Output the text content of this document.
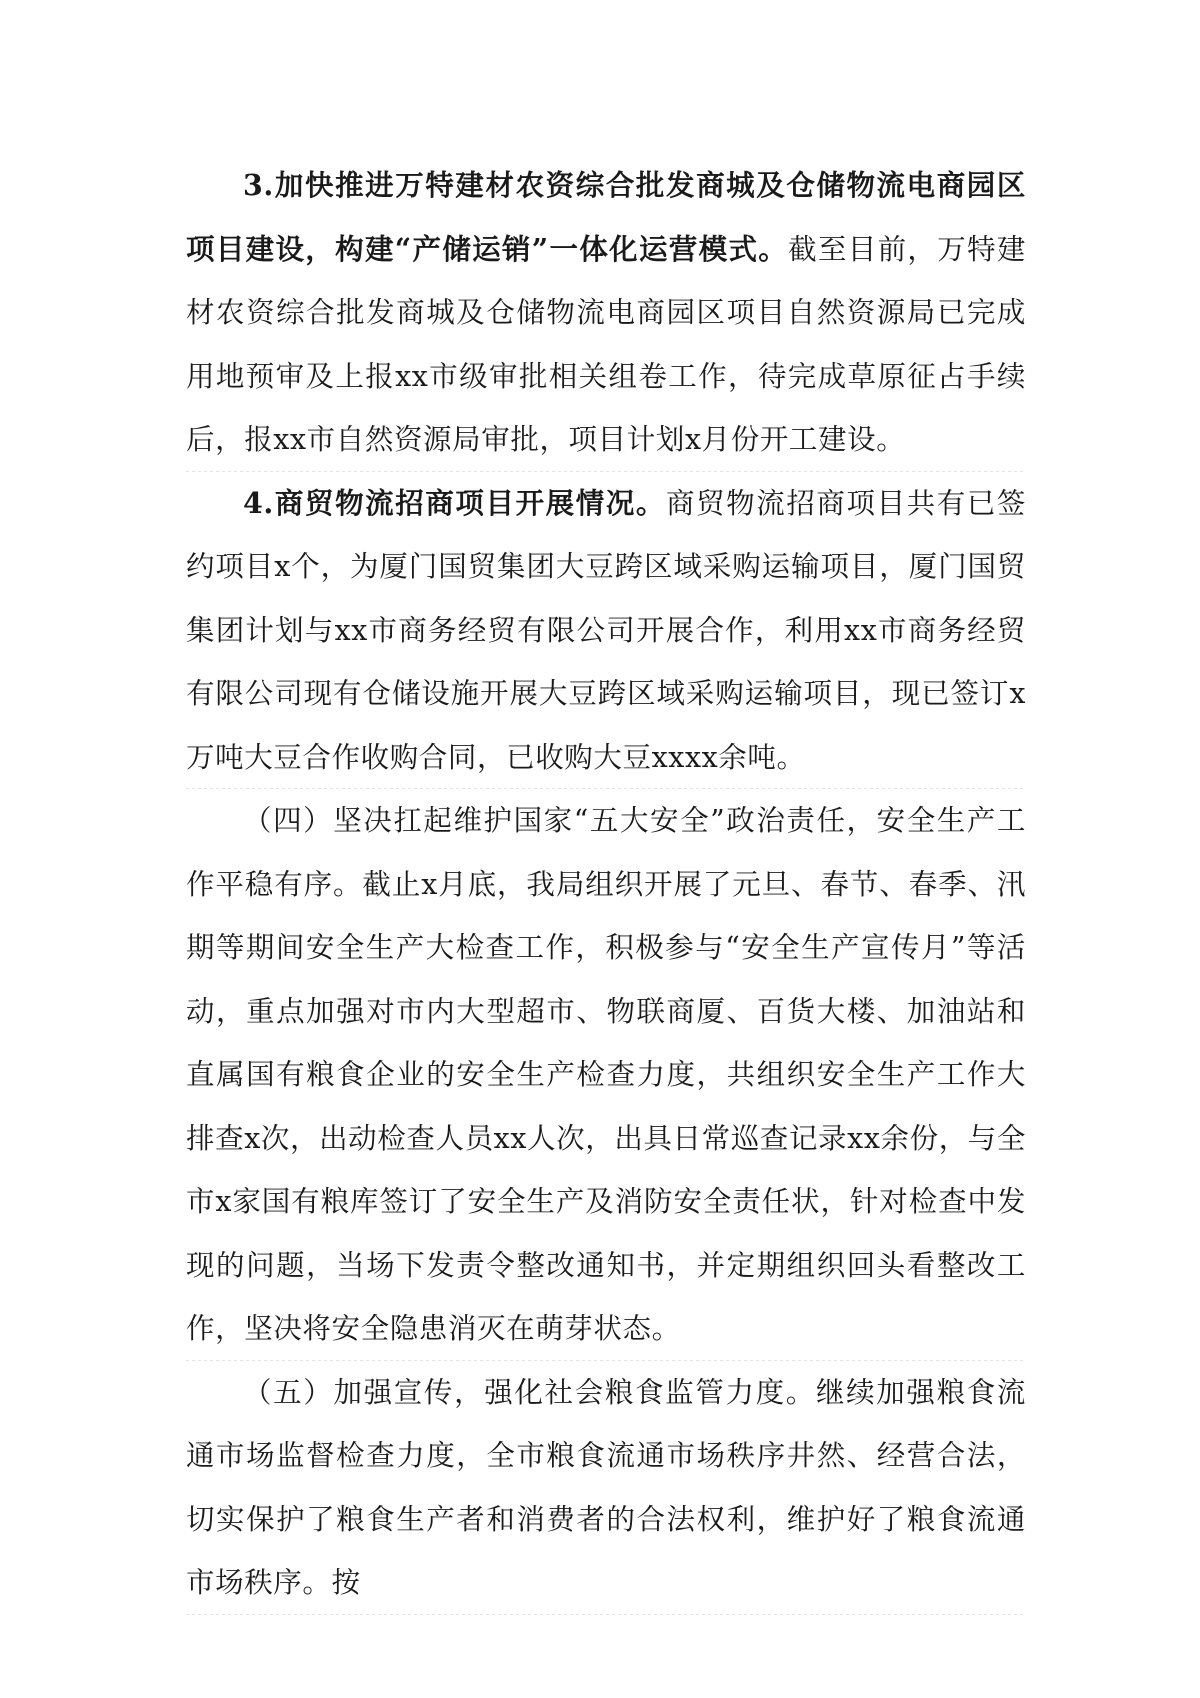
3.加快推进万特建材农资综合批发商城及仓储物流电商园区项目建设，构建“产储运销”一体化运营模式。截至目前，万特建材农资综合批发商城及仓储物流电商园区项目自然资源局已完成用地预审及上报xx市级审批相关组卷工作，待完成草原征占手续后，报xx市自然资源局审批，项目计划x月份开工建设。

4.商贸物流招商项目开展情况。商贸物流招商项目共有已签约项目x个，为厦门国贸集团大豆跨区域采购运输项目，厦门国贸集团计划与xx市商务经贸有限公司开展合作，利用xx市商务经贸有限公司现有仓储设施开展大豆跨区域采购运输项目，现已签订x万吨大豆合作收购合同，已收购大豆xxxx余吨。

（四）坚决扛起维护国家“五大安全”政治责任，安全生产工作平稳有序。截止x月底，我局组织开展了元旦、春节、春季、汛期等期间安全生产大检查工作，积极参与“安全生产宣传月”等活动，重点加强对市内大型超市、物联商厦、百货大楼、加油站和直属国有粮食企业的安全生产检查力度，共组织安全生产工作大排查x次，出动检查人员xx人次，出具日常巡查记录xx余份，与全市x家国有粮库签订了安全生产及消防安全责任状，针对检查中发现的问题，当场下发责令整改通知书，并定期组织回头看整改工作，坚决将安全隐患消灭在萌芽状态。

（五）加强宣传，强化社会粮食监管力度。继续加强粮食流通市场监督检查力度，全市粮食流通市场秩序井然、经营合法，切实保护了粮食生产者和消费者的合法权利，维护好了粮食流通市场秩序。按
